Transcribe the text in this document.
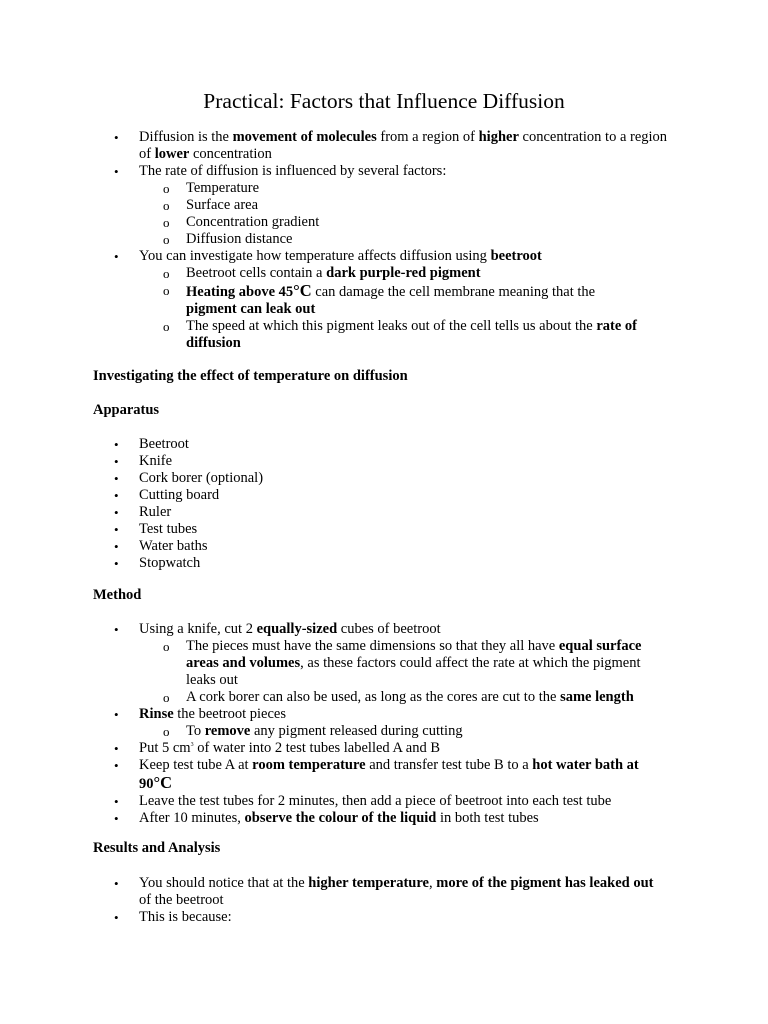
Practical: Factors that Influence Diffusion
• Diffusion is the movement of molecules from a region of higher concentration to a region of lower concentration
• The rate of diffusion is influenced by several factors:
o Temperature
o Surface area
o Concentration gradient
o Diffusion distance
• You can investigate how temperature affects diffusion using beetroot
o Beetroot cells contain a dark purple-red pigment
o Heating above 45°C can damage the cell membrane meaning that the pigment can leak out
o The speed at which this pigment leaks out of the cell tells us about the rate of diffusion

Investigating the effect of temperature on diffusion

Apparatus

• Beetroot
• Knife
• Cork borer (optional)
• Cutting board
• Ruler
• Test tubes
• Water baths
• Stopwatch

Method

• Using a knife, cut 2 equally-sized cubes of beetroot
o The pieces must have the same dimensions so that they all have equal surface areas and volumes, as these factors could affect the rate at which the pigment leaks out
o A cork borer can also be used, as long as the cores are cut to the same length
• Rinse the beetroot pieces
o To remove any pigment released during cutting
• Put 5 $cm^3$ of water into 2 test tubes labelled A and B
• Keep test tube A at room temperature and transfer test tube B to a hot water bath at 90°C
• Leave the test tubes for 2 minutes, then add a piece of beetroot into each test tube
• After 10 minutes, observe the colour of the liquid in both test tubes

Results and Analysis

• You should notice that at the higher temperature, more of the pigment has leaked out of the beetroot
• This is because:
